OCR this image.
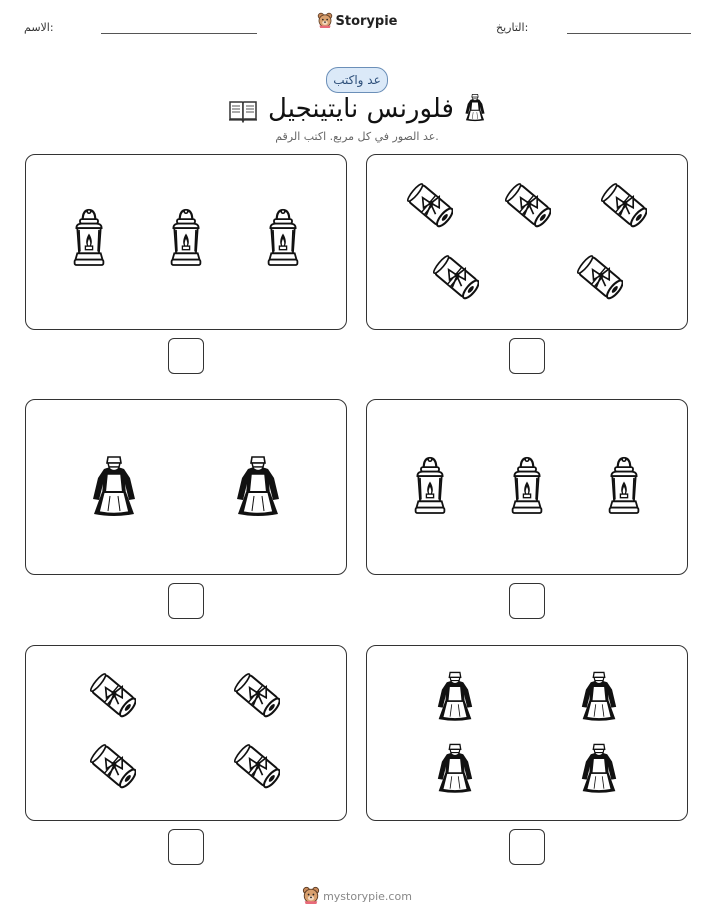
الاسم:	Storypie	التاريخ:
عد واكتب
فلورنس نايتينجيل
عد الصور في كل مربع. اكتب الرقم.
mystorypie.com
